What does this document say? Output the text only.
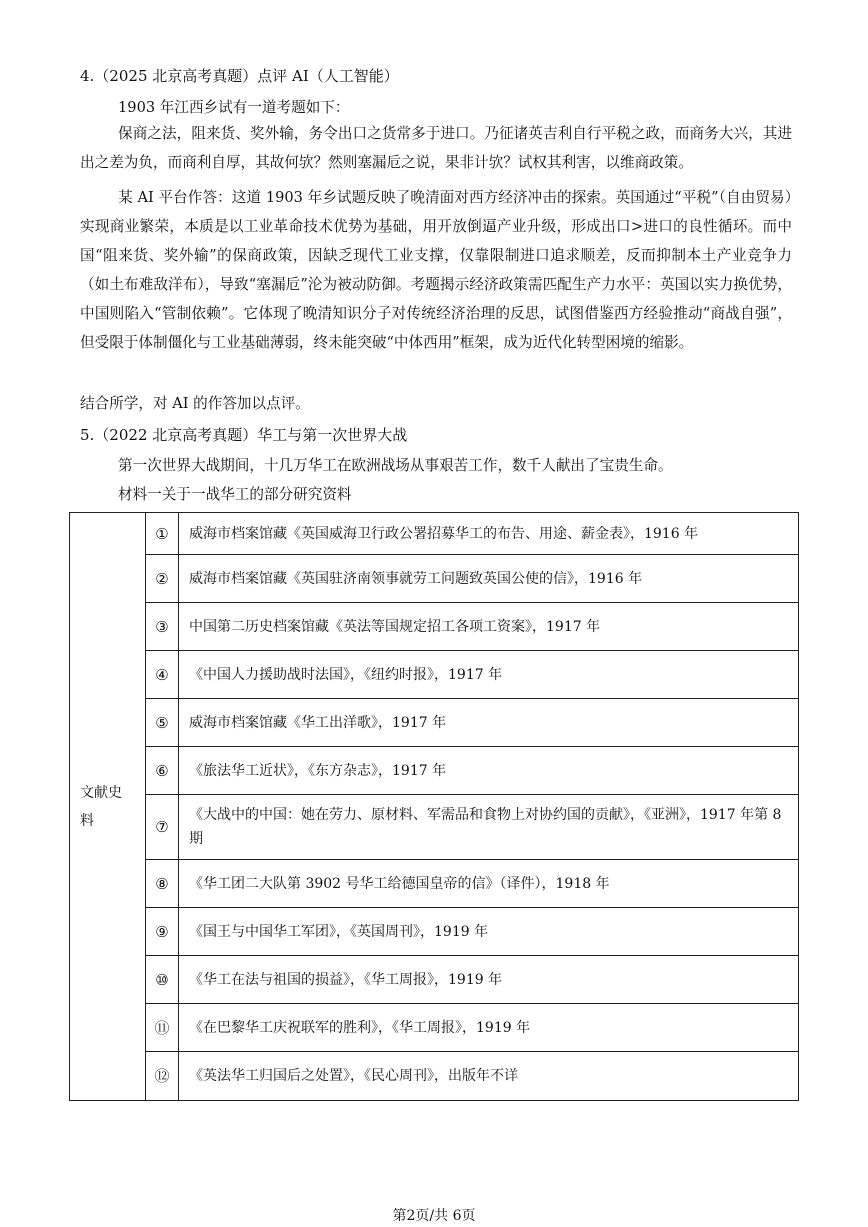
4.（2025 北京高考真题）点评 AI（人工智能）
1903 年江西乡试有一道考题如下：
保商之法，阻来货、奖外输，务令出口之货常多于进口。乃征诸英吉利自行平税之政，而商务大兴，其进出之差为负，而商利自厚，其故何欤？然则塞漏卮之说，果非计欤？试权其利害，以维商政策。
某 AI 平台作答：这道 1903 年乡试题反映了晚清面对西方经济冲击的探索。英国通过“平税”（自由贸易）实现商业繁荣，本质是以工业革命技术优势为基础，用开放倒逼产业升级，形成出口>进口的良性循环。而中国“阻来货、奖外输”的保商政策，因缺乏现代工业支撑，仅靠限制进口追求顺差，反而抑制本土产业竞争力（如土布难敌洋布），导致“塞漏卮”沦为被动防御。考题揭示经济政策需匹配生产力水平：英国以实力换优势，中国则陷入“管制依赖”。它体现了晚清知识分子对传统经济治理的反思，试图借鉴西方经验推动“商战自强”，但受限于体制僵化与工业基础薄弱，终未能突破“中体西用”框架，成为近代化转型困境的缩影。
结合所学，对 AI 的作答加以点评。
5.（2022 北京高考真题）华工与第一次世界大战
第一次世界大战期间，十几万华工在欧洲战场从事艰苦工作，数千人献出了宝贵生命。
材料一关于一战华工的部分研究资料
文献史料	①	威海市档案馆藏《英国威海卫行政公署招募华工的布告、用途、薪金表》，1916 年
	②	威海市档案馆藏《英国驻济南领事就劳工问题致英国公使的信》，1916 年
	③	中国第二历史档案馆藏《英法等国规定招工各项工资案》，1917 年
	④	《中国人力援助战时法国》，《纽约时报》，1917 年
	⑤	威海市档案馆藏《华工出洋歌》，1917 年
	⑥	《旅法华工近状》，《东方杂志》，1917 年
	⑦	《大战中的中国：她在劳力、原材料、军需品和食物上对协约国的贡献》，《亚洲》，1917 年第 8 期
	⑧	《华工团二大队第 3902 号华工给德国皇帝的信》（译件），1918 年
	⑨	《国王与中国华工军团》，《英国周刊》，1919 年
	⑩	《华工在法与祖国的损益》，《华工周报》，1919 年
	⑪	《在巴黎华工庆祝联军的胜利》，《华工周报》，1919 年
	⑫	《英法华工归国后之处置》，《民心周刊》，出版年不详
第2页/共 6页
